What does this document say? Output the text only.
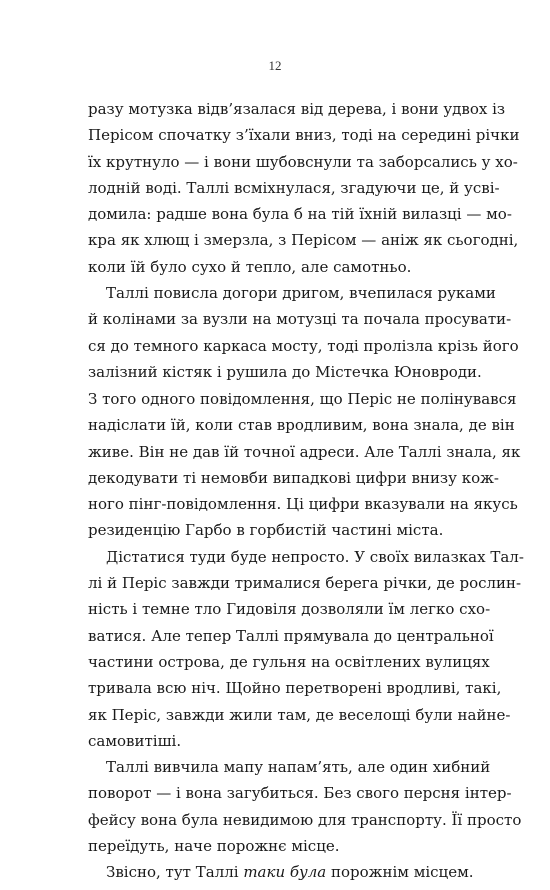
12
разу мотузка відв’язалася від дерева, і вони удвох із
Перісом спочатку з’їхали вниз, тоді на середині річки
їх крутнуло — і вони шубовснули та заборсались у хо-
лодній воді. Таллі всміхнулася, згадуючи це, й усві-
домила: радше вона була б на тій їхній вилазці — мо-
кра як хлющ і змерзла, з Перісом — аніж як сьогодні,
коли їй було сухо й тепло, але самотньо.
Таллі повисла догори дригом, вчепилася руками
й колінами за вузли на мотузці та почала просувати-
ся до темного каркаса мосту, тоді пролізла крізь його
залізний кістяк і рушила до Містечка Юновроди.
З того одного повідомлення, що Періс не полінувався
надіслати їй, коли став вродливим, вона знала, де він
живе. Він не дав їй точної адреси. Але Таллі знала, як
декодувати ті немовби випадкові цифри внизу кож-
ного пінг-повідомлення. Ці цифри вказували на якусь
резиденцію Гарбо в горбистій частині міста.
Дістатися туди буде непросто. У своїх вилазках Тал-
лі й Періс завжди трималися берега річки, де рослин-
ність і темне тло Гидовіля дозволяли їм легко схо-
ватися. Але тепер Таллі прямувала до центральної
частини острова, де гульня на освітлених вулицях
тривала всю ніч. Щойно перетворені вродливі, такі,
як Періс, завжди жили там, де веселощі були найне-
самовитіші.
Таллі вивчила мапу напам’ять, але один хибний
поворот — і вона загубиться. Без свого персня інтер-
фейсу вона була невидимою для транспорту. Її просто
переїдуть, наче порожнє місце.
Звісно, тут Таллі таки була порожнім місцем.
